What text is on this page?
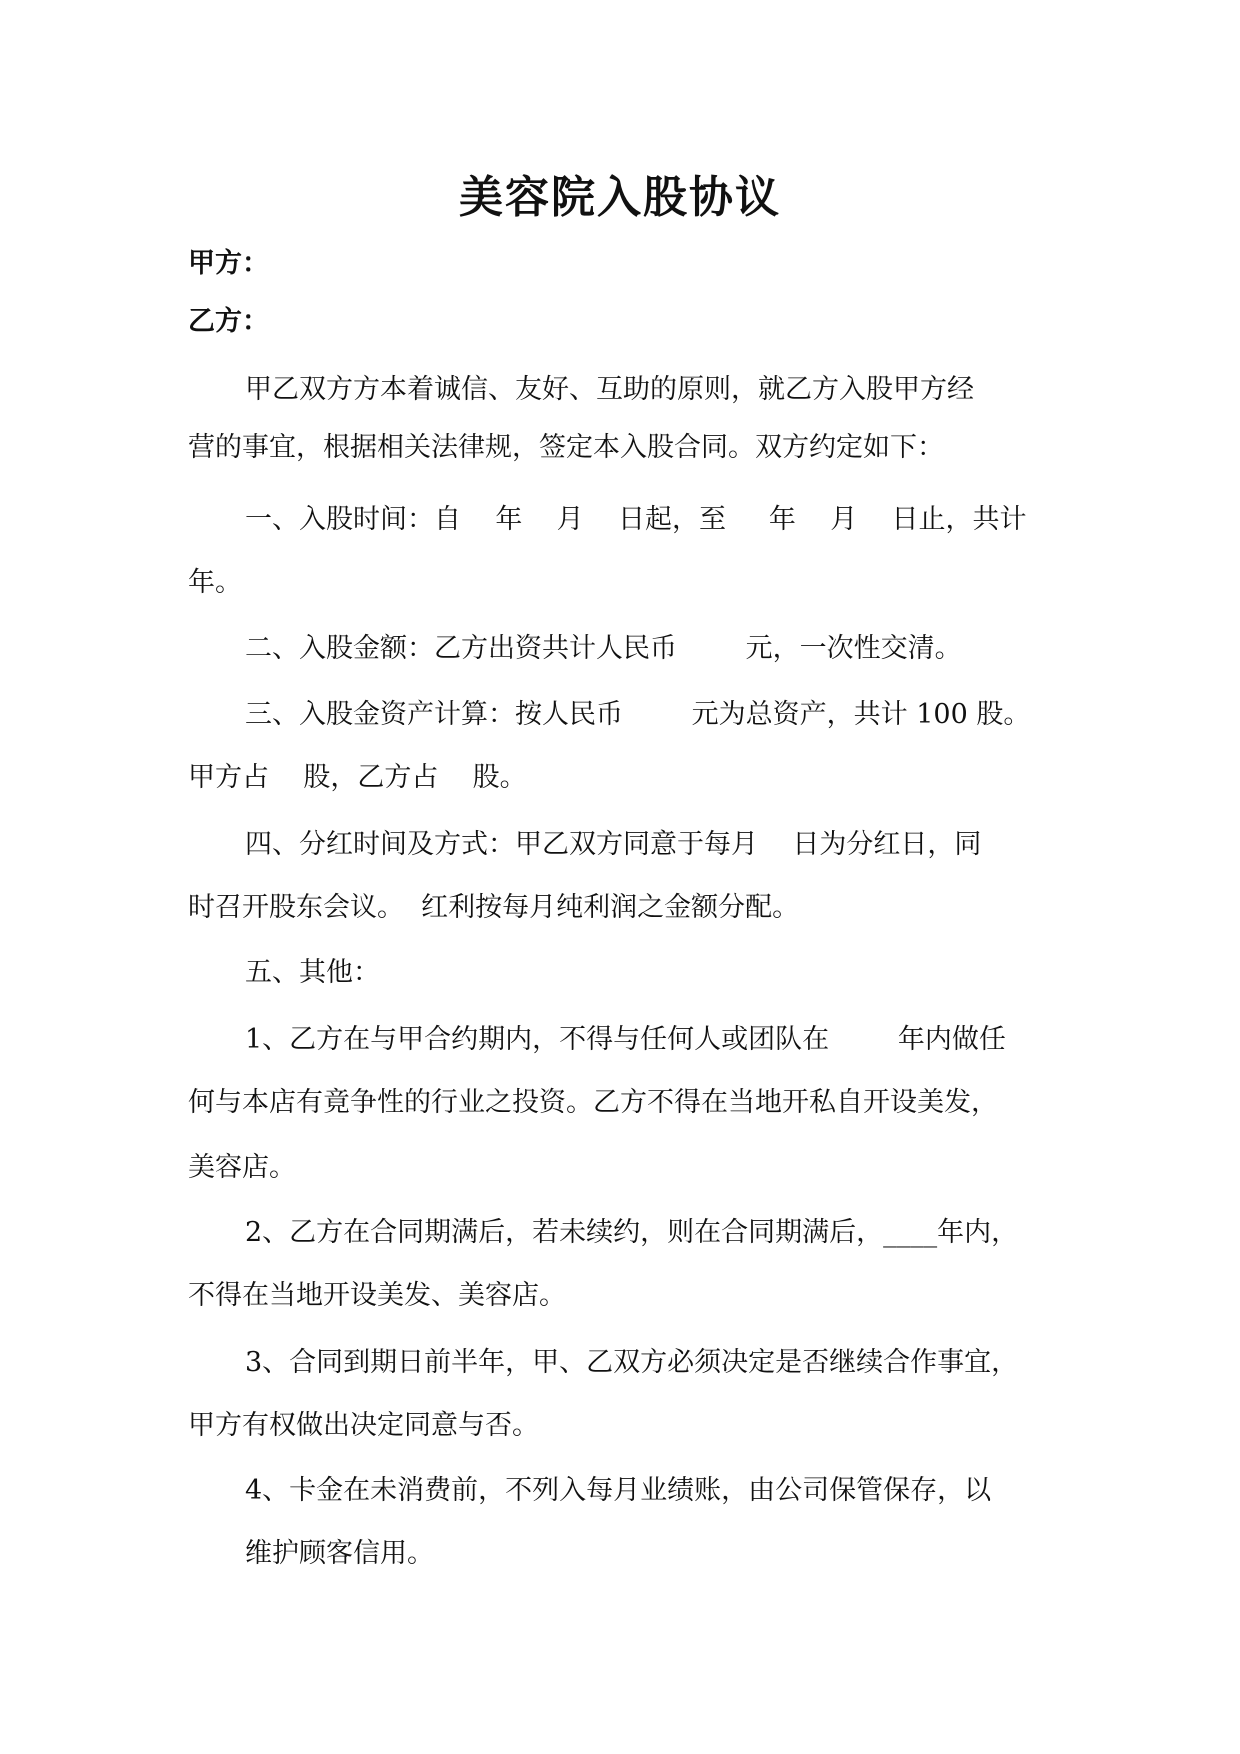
美容院入股协议
甲方：
乙方：
甲乙双方方本着诚信、友好、互助的原则，就乙方入股甲方经
营的事宜，根据相关法律规，签定本入股合同。双方约定如下：
一、入股时间：自    年    月    日起，至     年    月    日止，共计
年。
二、入股金额：乙方出资共计人民币        元，一次性交清。
三、入股金资产计算：按人民币        元为总资产，共计 100 股。
甲方占    股，乙方占    股。
四、分红时间及方式：甲乙双方同意于每月    日为分红日，同
时召开股东会议。  红利按每月纯利润之金额分配。
五、其他：
1、乙方在与甲合约期内，不得与任何人或团队在        年内做任
何与本店有竟争性的行业之投资。乙方不得在当地开私自开设美发，
美容店。
2、乙方在合同期满后，若未续约，则在合同期满后，____年内，
不得在当地开设美发、美容店。
3、合同到期日前半年，甲、乙双方必须决定是否继续合作事宜，
甲方有权做出决定同意与否。
4、卡金在未消费前，不列入每月业绩账，由公司保管保存，以
维护顾客信用。
